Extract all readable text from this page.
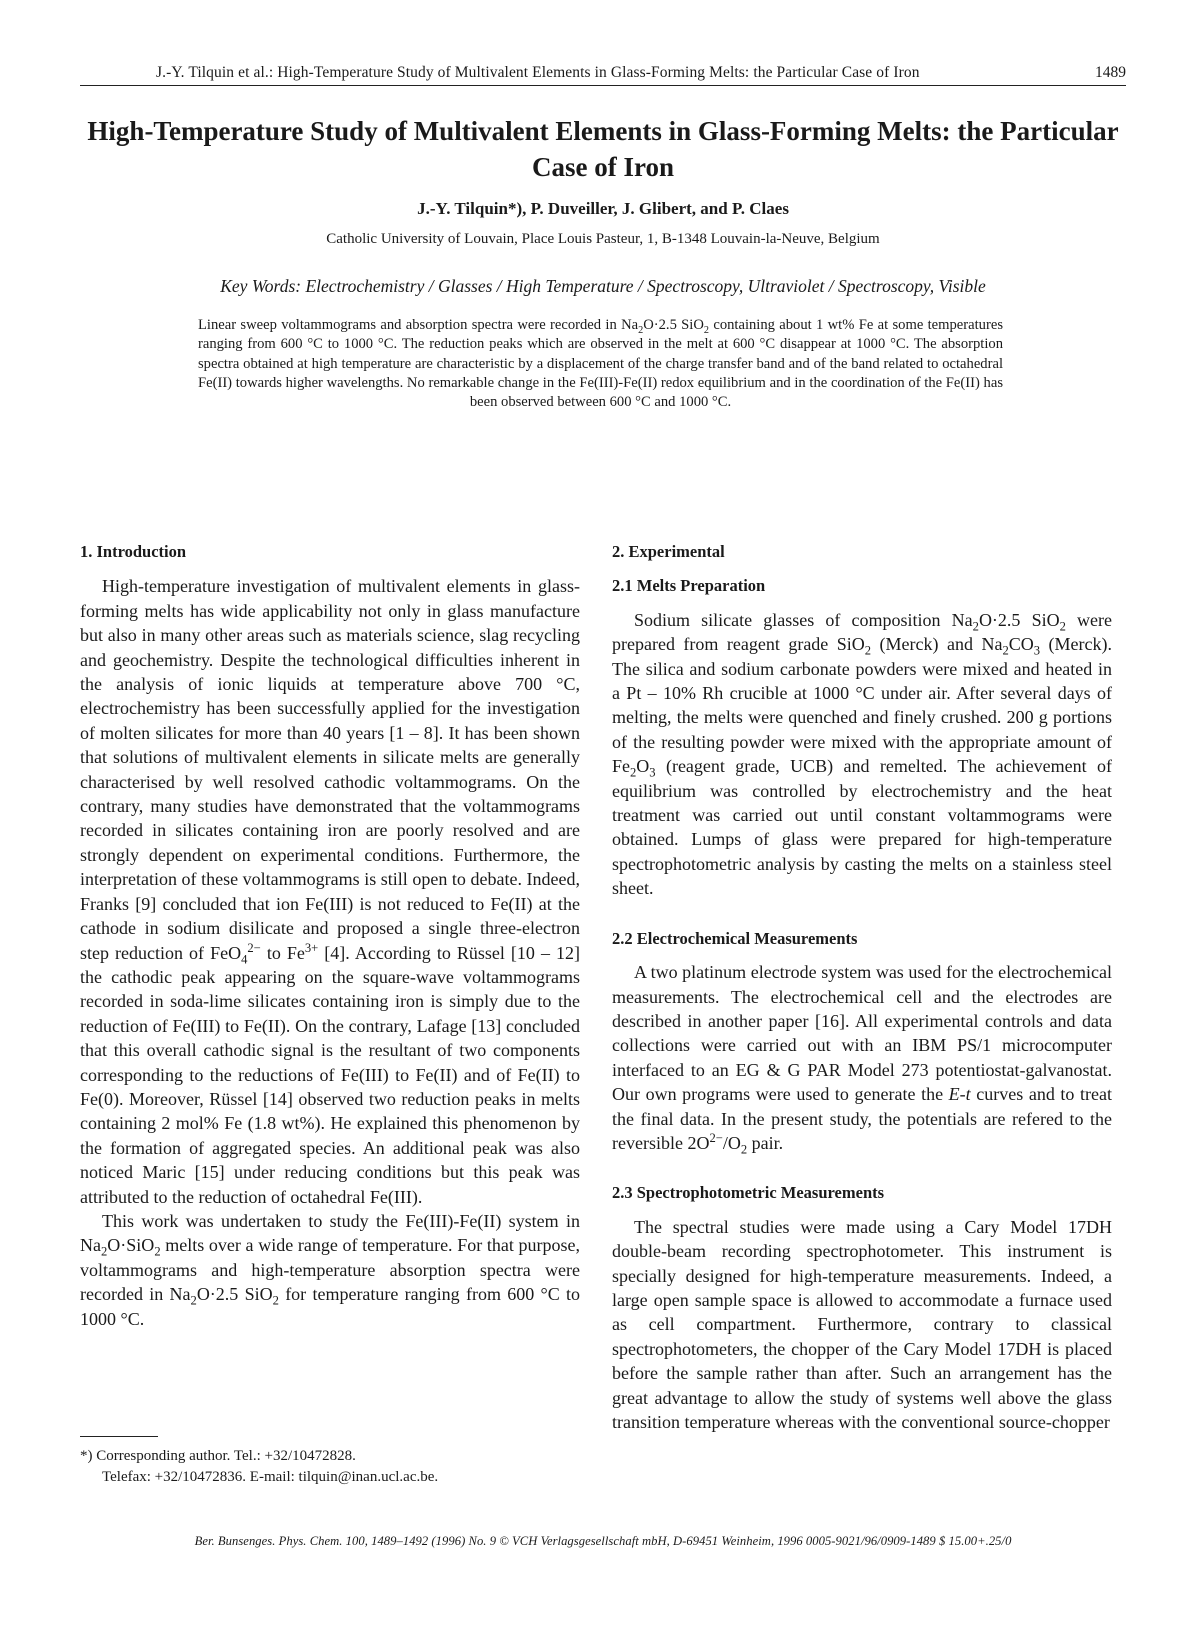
J.-Y. Tilquin et al.: High-Temperature Study of Multivalent Elements in Glass-Forming Melts: the Particular Case of Iron	1489
High-Temperature Study of Multivalent Elements in Glass-Forming Melts: the Particular Case of Iron
J.-Y. Tilquin*), P. Duveiller, J. Glibert, and P. Claes
Catholic University of Louvain, Place Louis Pasteur, 1, B-1348 Louvain-la-Neuve, Belgium
Key Words: Electrochemistry / Glasses / High Temperature / Spectroscopy, Ultraviolet / Spectroscopy, Visible
Linear sweep voltammograms and absorption spectra were recorded in $Na_2O\cdot 2.5$ SiO$_2$ containing about 1 wt% Fe at some temperatures ranging from 600 °C to 1000 °C. The reduction peaks which are observed in the melt at 600 °C disappear at 1000 °C. The absorption spectra obtained at high temperature are characteristic by a displacement of the charge transfer band and of the band related to octahedral Fe(II) towards higher wavelengths. No remarkable change in the Fe(III)-Fe(II) redox equilibrium and in the coordination of the Fe(II) has been observed between 600 °C and 1000 °C.
1. Introduction

High-temperature investigation of multivalent elements in glass-forming melts has wide applicability not only in glass manufacture but also in many other areas such as materials science, slag recycling and geochemistry. Despite the technological difficulties inherent in the analysis of ionic liquids at temperature above 700 °C, electrochemistry has been successfully applied for the investigation of molten silicates for more than 40 years [1 – 8]. It has been shown that solutions of multivalent elements in silicate melts are generally characterised by well resolved cathodic voltammograms. On the contrary, many studies have demonstrated that the voltammograms recorded in silicates containing iron are poorly resolved and are strongly dependent on experimental conditions. Furthermore, the interpretation of these voltammograms is still open to debate. Indeed, Franks [9] concluded that ion Fe(III) is not reduced to Fe(II) at the cathode in sodium disilicate and proposed a single three-electron step reduction of FeO$_4^{2-}$ to $Fe^{3+}$ [4]. According to Rüssel [10 – 12] the cathodic peak appearing on the square-wave voltammograms recorded in soda-lime silicates containing iron is simply due to the reduction of Fe(III) to Fe(II). On the contrary, Lafage [13] concluded that this overall cathodic signal is the resultant of two components corresponding to the reductions of Fe(III) to Fe(II) and of Fe(II) to Fe(0). Moreover, Rüssel [14] observed two reduction peaks in melts containing 2 mol% Fe (1.8 wt%). He explained this phenomenon by the formation of aggregated species. An additional peak was also noticed Maric [15] under reducing conditions but this peak was attributed to the reduction of octahedral Fe(III).

This work was undertaken to study the Fe(III)-Fe(II) system in $Na_2O\cdot SiO_2$ melts over a wide range of temperature. For that purpose, voltammograms and high-temperature absorption spectra were recorded in $Na_2O\cdot 2.5$ SiO$_2$ for temperature ranging from 600 °C to 1000 °C.

2. Experimental
2.1 Melts Preparation

Sodium silicate glasses of composition $Na_2O\cdot 2.5$ SiO$_2$ were prepared from reagent grade SiO$_2$ (Merck) and $Na_2CO_3$ (Merck). The silica and sodium carbonate powders were mixed and heated in a Pt – 10% Rh crucible at 1000 °C under air. After several days of melting, the melts were quenched and finely crushed. 200 g portions of the resulting powder were mixed with the appropriate amount of $Fe_2O_3$ (reagent grade, UCB) and remelted. The achievement of equilibrium was controlled by electrochemistry and the heat treatment was carried out until constant voltammograms were obtained. Lumps of glass were prepared for high-temperature spectrophotometric analysis by casting the melts on a stainless steel sheet.

2.2 Electrochemical Measurements

A two platinum electrode system was used for the electrochemical measurements. The electrochemical cell and the electrodes are described in another paper [16]. All experimental controls and data collections were carried out with an IBM PS/1 microcomputer interfaced to an EG & G PAR Model 273 potentiostat-galvanostat. Our own programs were used to generate the E-t curves and to treat the final data. In the present study, the potentials are refered to the reversible $2O^{2-}/O_2$ pair.

2.3 Spectrophotometric Measurements

The spectral studies were made using a Cary Model 17DH double-beam recording spectrophotometer. This instrument is specially designed for high-temperature measurements. Indeed, a large open sample space is allowed to accommodate a furnace used as cell compartment. Furthermore, contrary to classical spectrophotometers, the chopper of the Cary Model 17DH is placed before the sample rather than after. Such an arrangement has the great advantage to allow the study of systems well above the glass transition temperature whereas with the conventional source-chopper

*) Corresponding author. Tel.: +32/10472828.
Telefax: +32/10472836. E-mail: tilquin@inan.ucl.ac.be.
Ber. Bunsenges. Phys. Chem. 100, 1489–1492 (1996) No. 9 © VCH Verlagsgesellschaft mbH, D-69451 Weinheim, 1996 0005-9021/96/0909-1489 $ 15.00+.25/0
